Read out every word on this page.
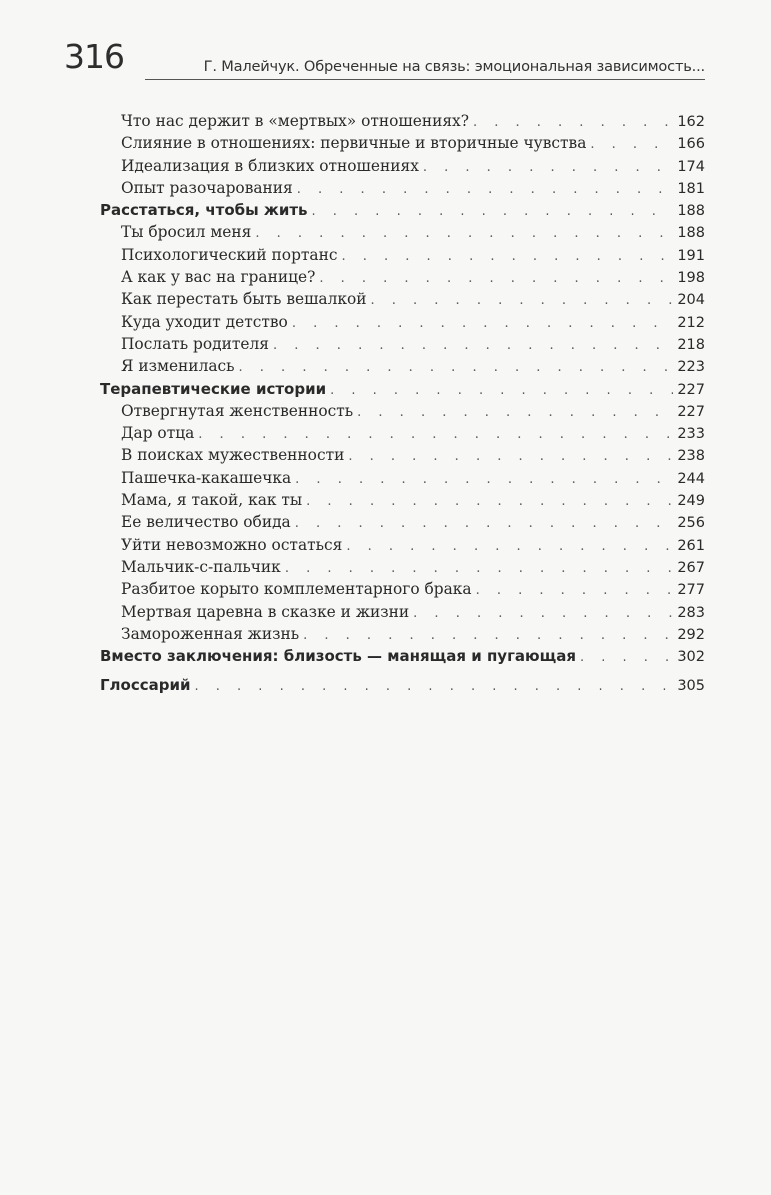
316	Г. Малейчук. Обреченные на связь: эмоциональная зависимость...
Что нас держит в «мертвых» отношениях? . . .	162
Слияние в отношениях: первичные и вторичные чувства . . .	166
Идеализация в близких отношениях . . .	174
Опыт разочарования . . .	181
Расстаться, чтобы жить . . .	188
Ты бросил меня . . .	188
Психологический портанс . . .	191
А как у вас на границе? . . .	198
Как перестать быть вешалкой . . .	204
Куда уходит детство . . .	212
Послать родителя . . .	218
Я изменилась . . .	223
Терапевтические истории . . .	227
Отвергнутая женственность . . .	227
Дар отца . . .	233
В поисках мужественности . . .	238
Пашечка-какашечка . . .	244
Мама, я такой, как ты . . .	249
Ее величество обида . . .	256
Уйти невозможно остаться . . .	261
Мальчик-с-пальчик . . .	267
Разбитое корыто комплементарного брака . . .	277
Мертвая царевна в сказке и жизни . . .	283
Замороженная жизнь . . .	292
Вместо заключения: близость — манящая и пугающая . . .	302
Глоссарий . . .	305
